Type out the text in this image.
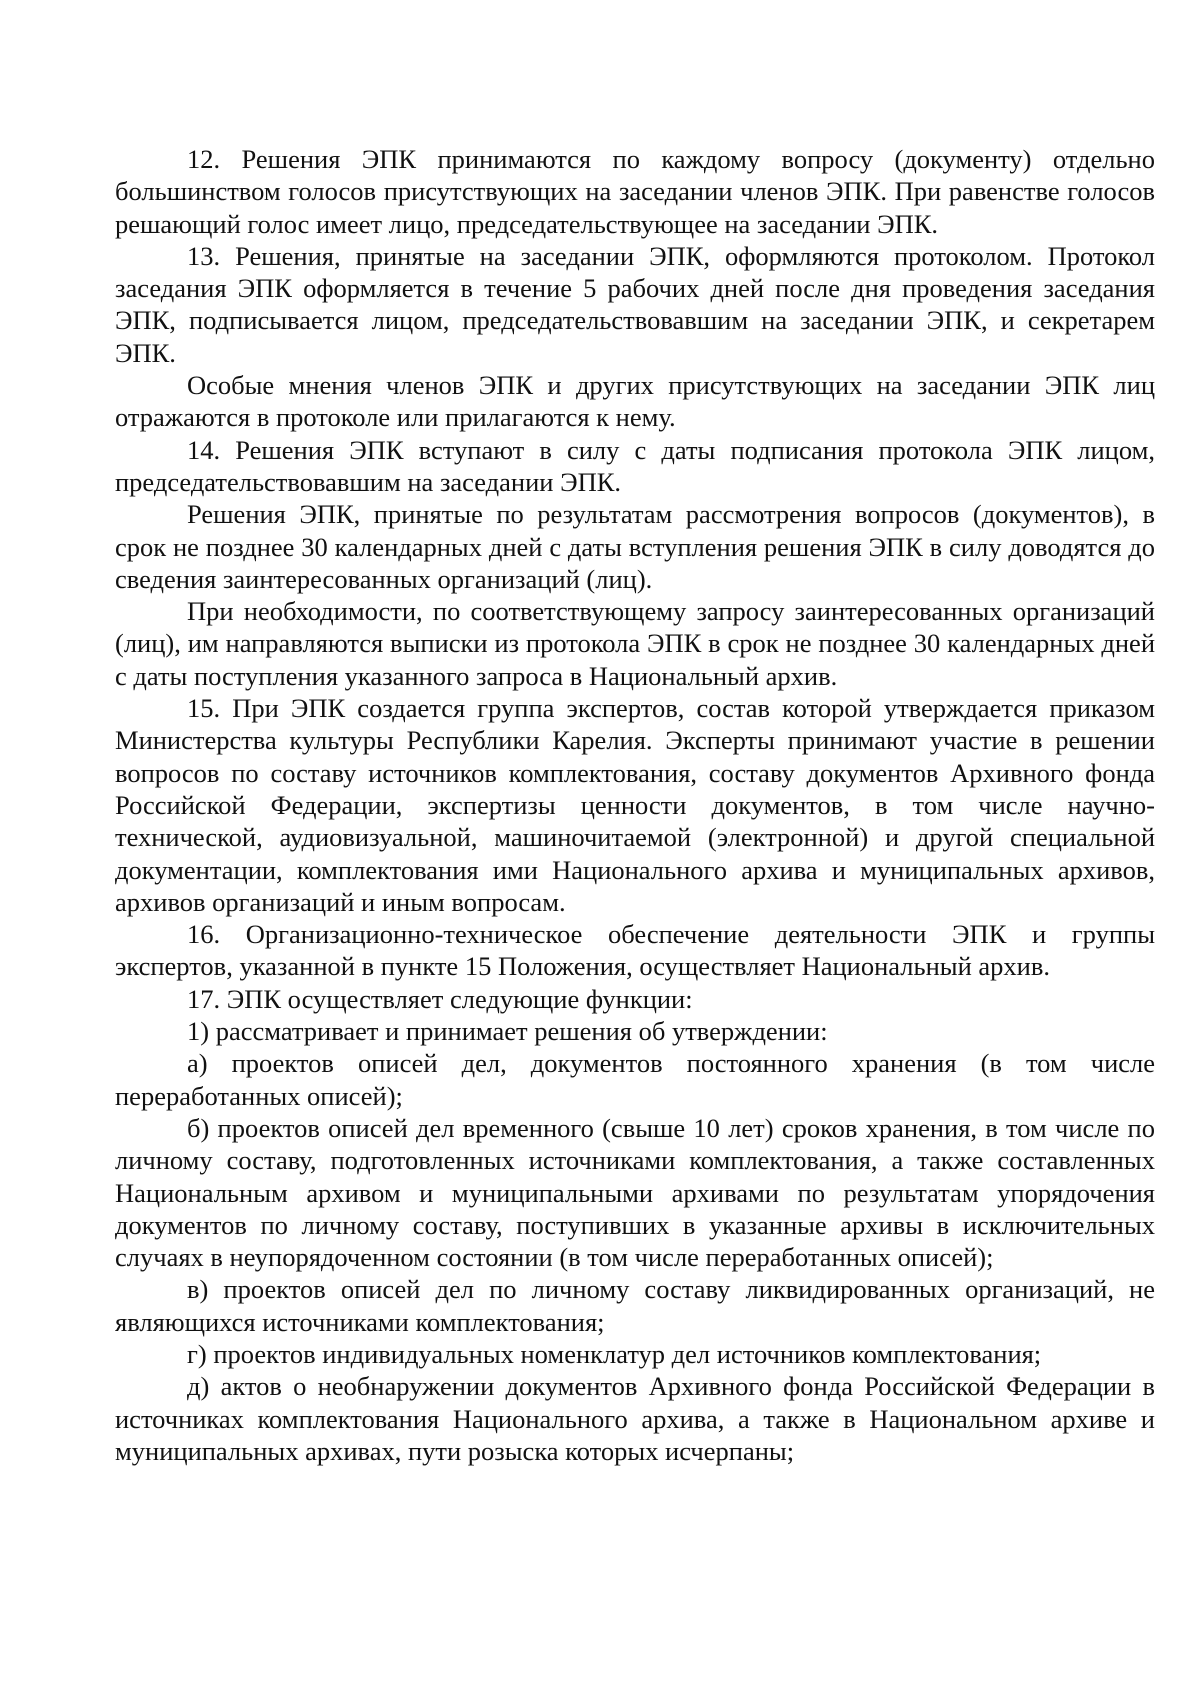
12. Решения ЭПК принимаются по каждому вопросу (документу) отдельно большинством голосов присутствующих на заседании членов ЭПК. При равенстве голосов решающий голос имеет лицо, председательствующее на заседании ЭПК.

13. Решения, принятые на заседании ЭПК, оформляются протоколом. Протокол заседания ЭПК оформляется в течение 5 рабочих дней после дня проведения заседания ЭПК, подписывается лицом, председательствовавшим на заседании ЭПК, и секретарем ЭПК.

Особые мнения членов ЭПК и других присутствующих на заседании ЭПК лиц отражаются в протоколе или прилагаются к нему.

14. Решения ЭПК вступают в силу с даты подписания протокола ЭПК лицом, председательствовавшим на заседании ЭПК.

Решения ЭПК, принятые по результатам рассмотрения вопросов (документов), в срок не позднее 30 календарных дней с даты вступления решения ЭПК в силу доводятся до сведения заинтересованных организаций (лиц).

При необходимости, по соответствующему запросу заинтересованных организаций (лиц), им направляются выписки из протокола ЭПК в срок не позднее 30 календарных дней с даты поступления указанного запроса в Национальный архив.

15. При ЭПК создается группа экспертов, состав которой утверждается приказом Министерства культуры Республики Карелия. Эксперты принимают участие в решении вопросов по составу источников комплектования, составу документов Архивного фонда Российской Федерации, экспертизы ценности документов, в том числе научно-технической, аудиовизуальной, машиночитаемой (электронной) и другой специальной документации, комплектования ими Национального архива и муниципальных архивов, архивов организаций и иным вопросам.

16. Организационно-техническое обеспечение деятельности ЭПК и группы экспертов, указанной в пункте 15 Положения, осуществляет Национальный архив.

17. ЭПК осуществляет следующие функции:

1) рассматривает и принимает решения об утверждении:

а) проектов описей дел, документов постоянного хранения (в том числе переработанных описей);

б) проектов описей дел временного (свыше 10 лет) сроков хранения, в том числе по личному составу, подготовленных источниками комплектования, а также составленных Национальным архивом и муниципальными архивами по результатам упорядочения документов по личному составу, поступивших в указанные архивы в исключительных случаях в неупорядоченном состоянии (в том числе переработанных описей);

в) проектов описей дел по личному составу ликвидированных организаций, не являющихся источниками комплектования;

г) проектов индивидуальных номенклатур дел источников комплектования;

д) актов о необнаружении документов Архивного фонда Российской Федерации в источниках комплектования Национального архива, а также в Национальном архиве и муниципальных архивах, пути розыска которых исчерпаны;
